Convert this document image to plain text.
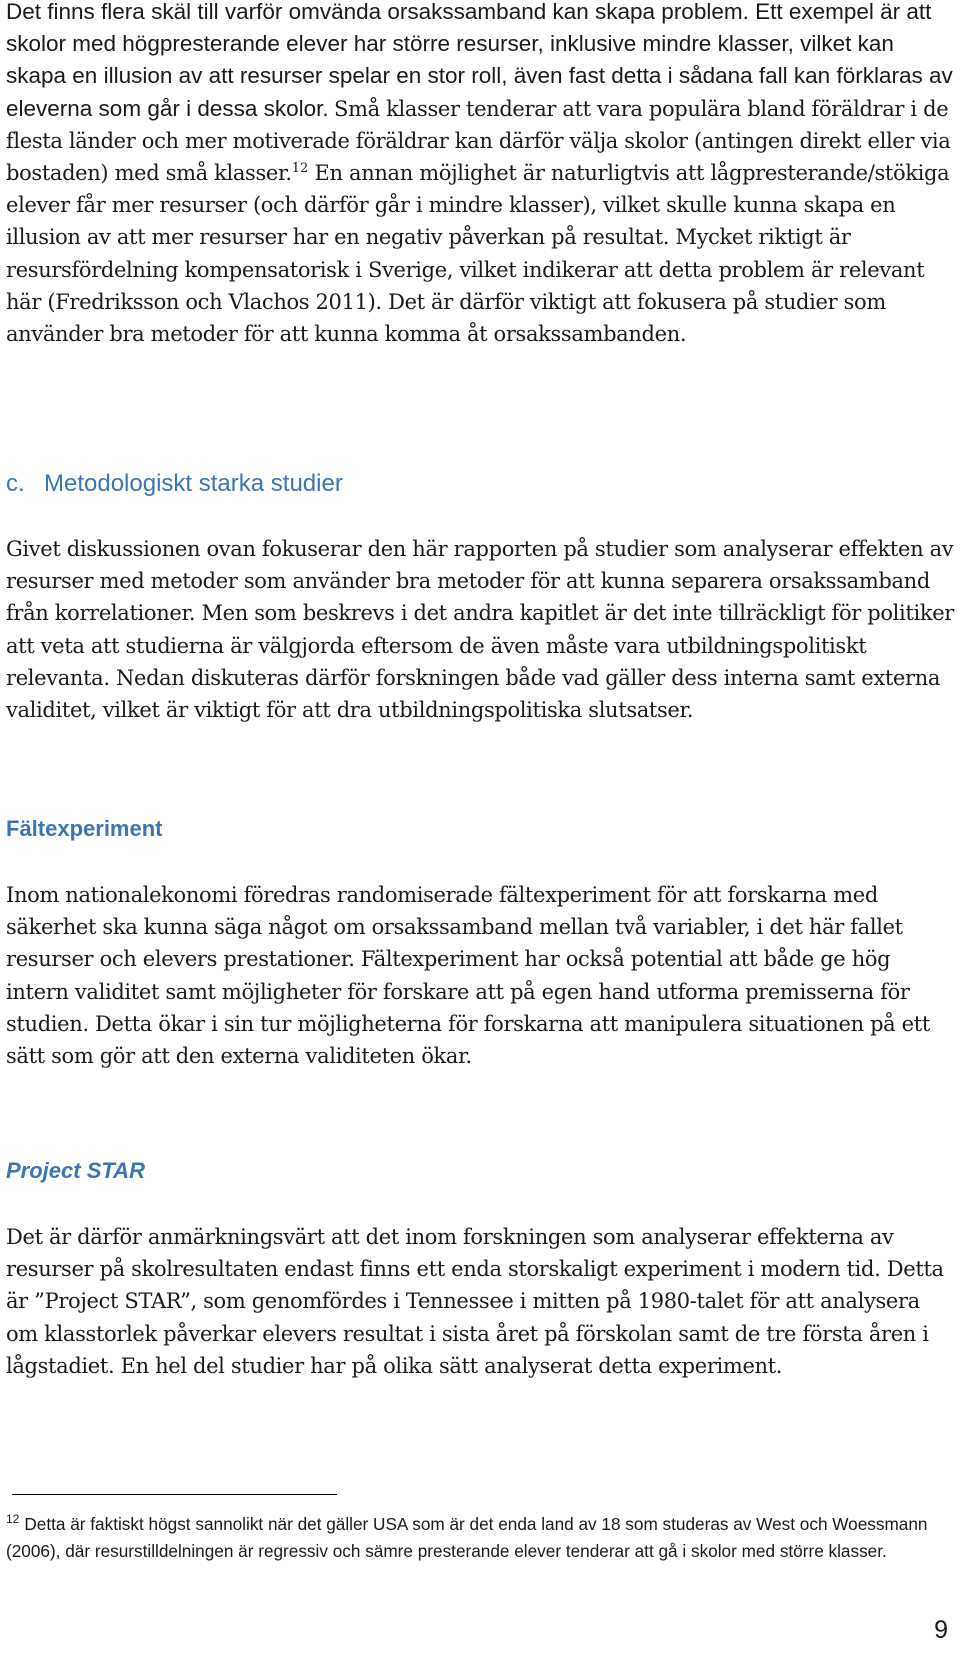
Det finns flera skäl till varför omvända orsakssamband kan skapa problem. Ett exempel är att skolor med högpresterande elever har större resurser, inklusive mindre klasser, vilket kan skapa en illusion av att resurser spelar en stor roll, även fast detta i sådana fall kan förklaras av eleverna som går i dessa skolor. Små klasser tenderar att vara populära bland föräldrar i de flesta länder och mer motiverade föräldrar kan därför välja skolor (antingen direkt eller via bostaden) med små klasser.$^{12}$ En annan möjlighet är naturligtvis att lågpresterande/stökiga elever får mer resurser (och därför går i mindre klasser), vilket skulle kunna skapa en illusion av att mer resurser har en negativ påverkan på resultat. Mycket riktigt är resursfördelning kompensatorisk i Sverige, vilket indikerar att detta problem är relevant här (Fredriksson och Vlachos 2011). Det är därför viktigt att fokusera på studier som använder bra metoder för att kunna komma åt orsakssambanden.

c. Metodologiskt starka studier

Givet diskussionen ovan fokuserar den här rapporten på studier som analyserar effekten av resurser med metoder som använder bra metoder för att kunna separera orsakssamband från korrelationer. Men som beskrevs i det andra kapitlet är det inte tillräckligt för politiker att veta att studierna är välgjorda eftersom de även måste vara utbildningspolitiskt relevanta. Nedan diskuteras därför forskningen både vad gäller dess interna samt externa validitet, vilket är viktigt för att dra utbildningspolitiska slutsatser.

Fältexperiment

Inom nationalekonomi föredras randomiserade fältexperiment för att forskarna med säkerhet ska kunna säga något om orsakssamband mellan två variabler, i det här fallet resurser och elevers prestationer. Fältexperiment har också potential att både ge hög intern validitet samt möjligheter för forskare att på egen hand utforma premisserna för studien. Detta ökar i sin tur möjligheterna för forskarna att manipulera situationen på ett sätt som gör att den externa validiteten ökar.

Project STAR

Det är därför anmärkningsvärt att det inom forskningen som analyserar effekterna av resurser på skolresultaten endast finns ett enda storskaligt experiment i modern tid. Detta är ”Project STAR”, som genomfördes i Tennessee i mitten på 1980-talet för att analysera om klasstorlek påverkar elevers resultat i sista året på förskolan samt de tre första åren i lågstadiet. En hel del studier har på olika sätt analyserat detta experiment.

$^{12}$ Detta är faktiskt högst sannolikt när det gäller USA som är det enda land av 18 som studeras av West och Woessmann (2006), där resurstilldelningen är regressiv och sämre presterande elever tenderar att gå i skolor med större klasser.

9
